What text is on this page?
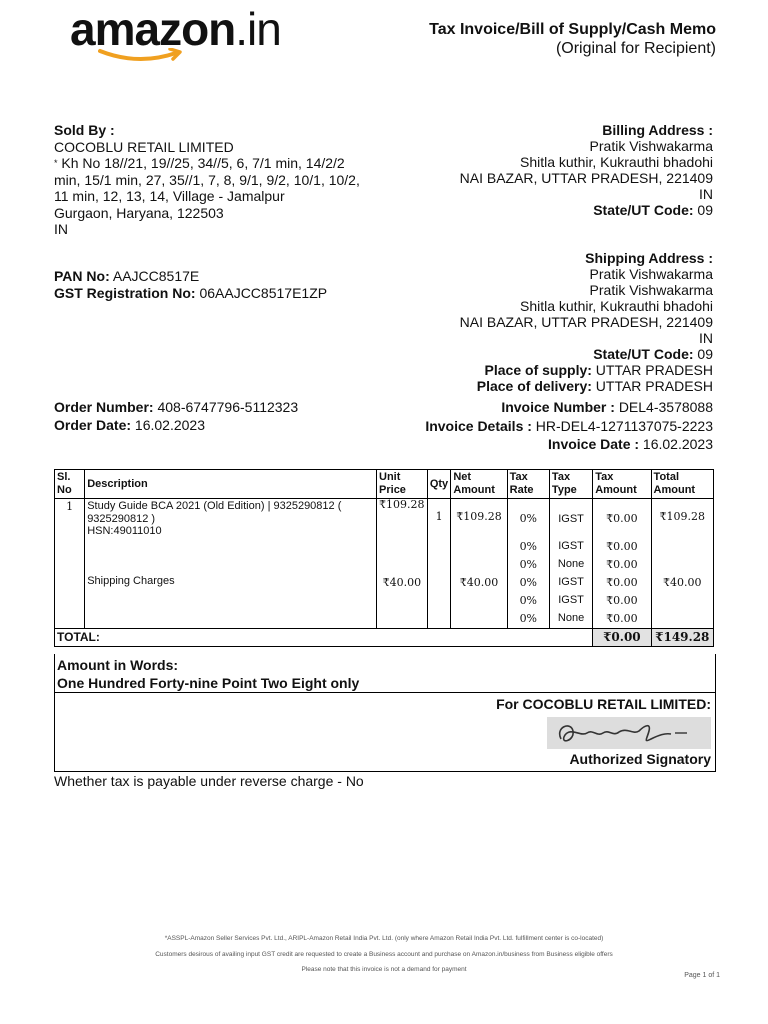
amazon.in	Tax Invoice/Bill of Supply/Cash Memo
(Original for Recipient)
Sold By :
COCOBLU RETAIL LIMITED
* Kh No 18//21, 19//25, 34//5, 6, 7/1 min, 14/2/2
min, 15/1 min, 27, 35//1, 7, 8, 9/1, 9/2, 10/1, 10/2,
11 min, 12, 13, 14, Village - Jamalpur
Gurgaon, Haryana, 122503
IN
PAN No: AAJCC8517E
GST Registration No: 06AAJCC8517E1ZP
Order Number: 408-6747796-5112323
Order Date: 16.02.2023
Billing Address :
Pratik Vishwakarma
Shitla kuthir, Kukrauthi bhadohi
NAI BAZAR, UTTAR PRADESH, 221409
IN
State/UT Code: 09
Shipping Address :
Pratik Vishwakarma
Pratik Vishwakarma
Shitla kuthir, Kukrauthi bhadohi
NAI BAZAR, UTTAR PRADESH, 221409
IN
State/UT Code: 09
Place of supply: UTTAR PRADESH
Place of delivery: UTTAR PRADESH
Invoice Number : DEL4-3578088
Invoice Details : HR-DEL4-1271137075-2223
Invoice Date : 16.02.2023
Sl. No	Description	Unit Price	Qty	Net Amount	Tax Rate	Tax Type	Tax Amount	Total Amount
1	Study Guide BCA 2021 (Old Edition) | 9325290812 (
9325290812 )
HSN:49011010	₹109.28	1	₹109.28	0%	IGST	₹0.00	₹109.28

					0%	IGST	₹0.00	
					0%	None	₹0.00	

	Shipping Charges	₹40.00		₹40.00	0%	IGST	₹0.00	₹40.00

					0%	IGST	₹0.00	
					0%	None	₹0.00	
TOTAL:							₹0.00	₹149.28
Amount in Words:
One Hundred Forty-nine Point Two Eight only
For COCOBLU RETAIL LIMITED:
Authorized Signatory
Whether tax is payable under reverse charge - No
*ASSPL-Amazon Seller Services Pvt. Ltd., ARIPL-Amazon Retail India Pvt. Ltd. (only where Amazon Retail India Pvt. Ltd. fulfillment center is co-located)
Customers desirous of availing input GST credit are requested to create a Business account and purchase on Amazon.in/business from Business eligible offers
Please note that this invoice is not a demand for payment
Page 1 of 1
